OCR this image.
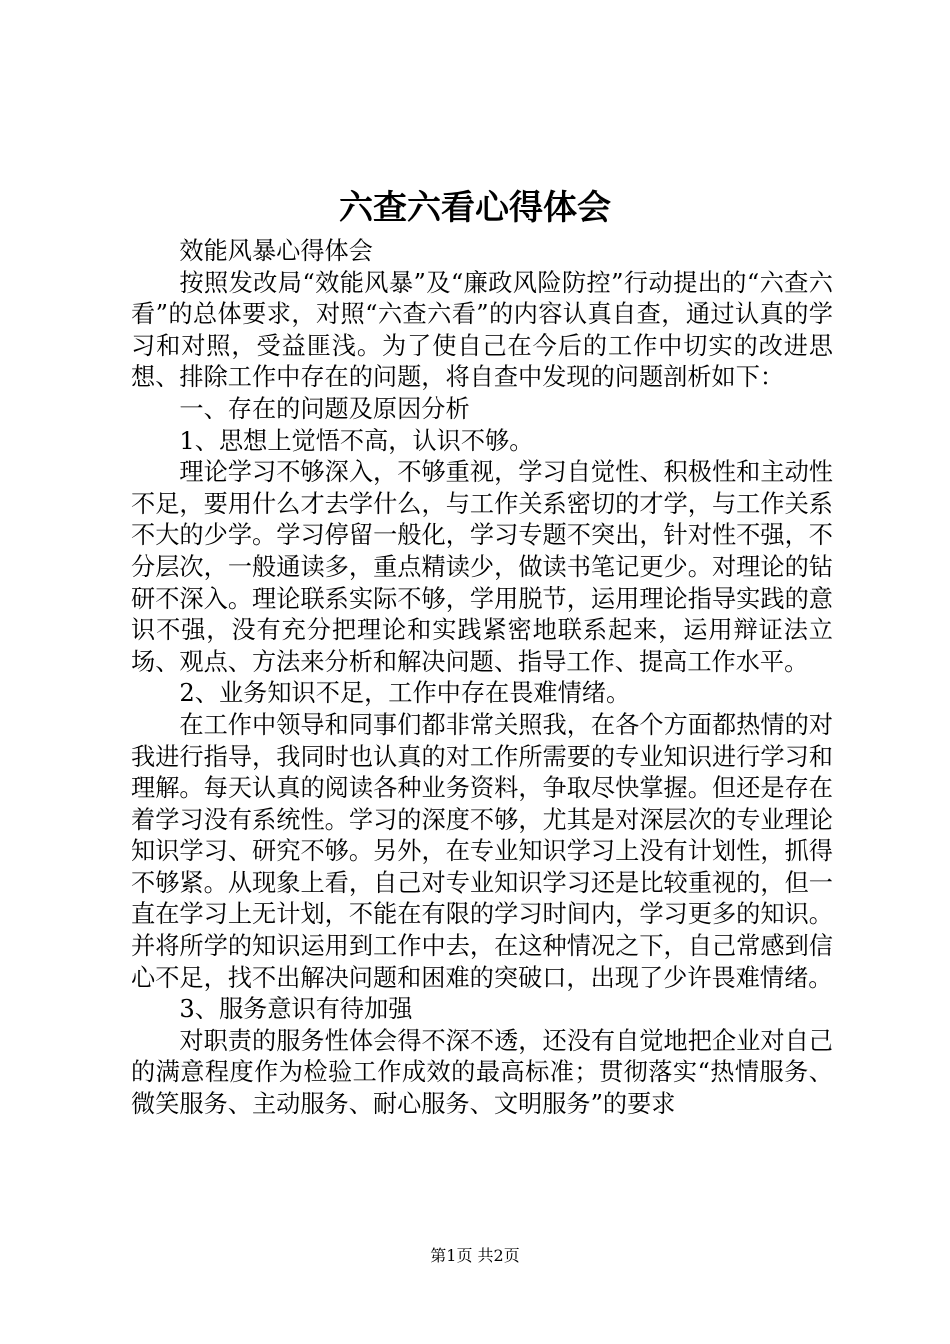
六查六看心得体会

效能风暴心得体会

按照发改局“效能风暴”及“廉政风险防控”行动提出的“六查六看”的总体要求，对照“六查六看”的内容认真自查，通过认真的学习和对照，受益匪浅。为了使自己在今后的工作中切实的改进思想、排除工作中存在的问题，将自查中发现的问题剖析如下：

一、存在的问题及原因分析

1、思想上觉悟不高，认识不够。

理论学习不够深入，不够重视，学习自觉性、积极性和主动性不足，要用什么才去学什么，与工作关系密切的才学，与工作关系不大的少学。学习停留一般化，学习专题不突出，针对性不强，不分层次，一般通读多，重点精读少，做读书笔记更少。对理论的钻研不深入。理论联系实际不够，学用脱节，运用理论指导实践的意识不强，没有充分把理论和实践紧密地联系起来，运用辩证法立场、观点、方法来分析和解决问题、指导工作、提高工作水平。

2、业务知识不足，工作中存在畏难情绪。

在工作中领导和同事们都非常关照我，在各个方面都热情的对我进行指导，我同时也认真的对工作所需要的专业知识进行学习和理解。每天认真的阅读各种业务资料，争取尽快掌握。但还是存在着学习没有系统性。学习的深度不够，尤其是对深层次的专业理论知识学习、研究不够。另外，在专业知识学习上没有计划性，抓得不够紧。从现象上看，自己对专业知识学习还是比较重视的，但一直在学习上无计划，不能在有限的学习时间内，学习更多的知识。并将所学的知识运用到工作中去，在这种情况之下，自己常感到信心不足，找不出解决问题和困难的突破口，出现了少许畏难情绪。

3、服务意识有待加强

对职责的服务性体会得不深不透，还没有自觉地把企业对自己的满意程度作为检验工作成效的最高标准；贯彻落实“热情服务、微笑服务、主动服务、耐心服务、文明服务”的要求

第1页 共2页
